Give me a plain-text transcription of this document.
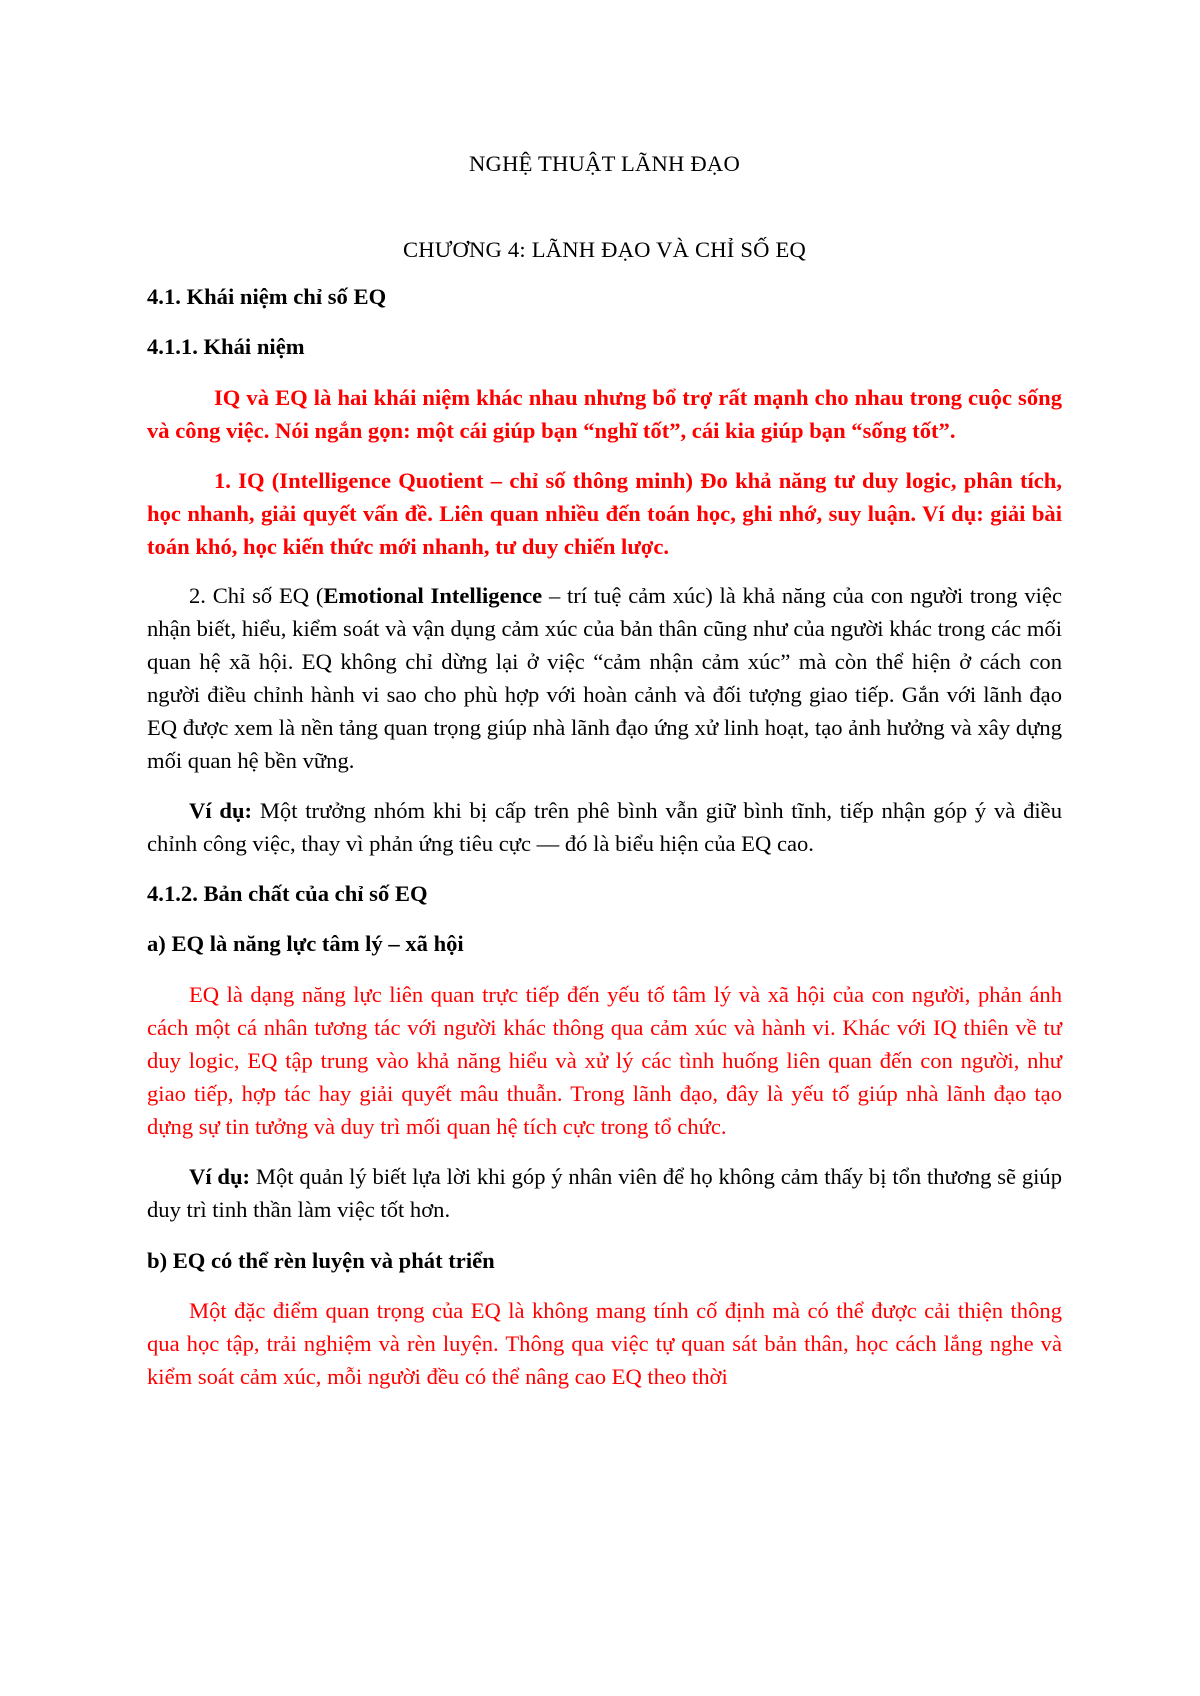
NGHỆ THUẬT LÃNH ĐẠO

CHƯƠNG 4: LÃNH ĐẠO VÀ CHỈ SỐ EQ

4.1. Khái niệm chỉ số EQ
4.1.1. Khái niệm

IQ và EQ là hai khái niệm khác nhau nhưng bổ trợ rất mạnh cho nhau trong cuộc sống và công việc. Nói ngắn gọn: một cái giúp bạn “nghĩ tốt”, cái kia giúp bạn “sống tốt”.

1. IQ (Intelligence Quotient – chỉ số thông minh) Đo khả năng tư duy logic, phân tích, học nhanh, giải quyết vấn đề. Liên quan nhiều đến toán học, ghi nhớ, suy luận. Ví dụ: giải bài toán khó, học kiến thức mới nhanh, tư duy chiến lược.

2. Chỉ số EQ (Emotional Intelligence – trí tuệ cảm xúc) là khả năng của con người trong việc nhận biết, hiểu, kiểm soát và vận dụng cảm xúc của bản thân cũng như của người khác trong các mối quan hệ xã hội. EQ không chỉ dừng lại ở việc “cảm nhận cảm xúc” mà còn thể hiện ở cách con người điều chỉnh hành vi sao cho phù hợp với hoàn cảnh và đối tượng giao tiếp. Gắn với lãnh đạo EQ được xem là nền tảng quan trọng giúp nhà lãnh đạo ứng xử linh hoạt, tạo ảnh hưởng và xây dựng mối quan hệ bền vững.

Ví dụ: Một trưởng nhóm khi bị cấp trên phê bình vẫn giữ bình tĩnh, tiếp nhận góp ý và điều chỉnh công việc, thay vì phản ứng tiêu cực — đó là biểu hiện của EQ cao.

4.1.2. Bản chất của chỉ số EQ
a) EQ là năng lực tâm lý – xã hội

EQ là dạng năng lực liên quan trực tiếp đến yếu tố tâm lý và xã hội của con người, phản ánh cách một cá nhân tương tác với người khác thông qua cảm xúc và hành vi. Khác với IQ thiên về tư duy logic, EQ tập trung vào khả năng hiểu và xử lý các tình huống liên quan đến con người, như giao tiếp, hợp tác hay giải quyết mâu thuẫn. Trong lãnh đạo, đây là yếu tố giúp nhà lãnh đạo tạo dựng sự tin tưởng và duy trì mối quan hệ tích cực trong tổ chức.

Ví dụ: Một quản lý biết lựa lời khi góp ý nhân viên để họ không cảm thấy bị tổn thương sẽ giúp duy trì tinh thần làm việc tốt hơn.

b) EQ có thể rèn luyện và phát triển

Một đặc điểm quan trọng của EQ là không mang tính cố định mà có thể được cải thiện thông qua học tập, trải nghiệm và rèn luyện. Thông qua việc tự quan sát bản thân, học cách lắng nghe và kiểm soát cảm xúc, mỗi người đều có thể nâng cao EQ theo thời
